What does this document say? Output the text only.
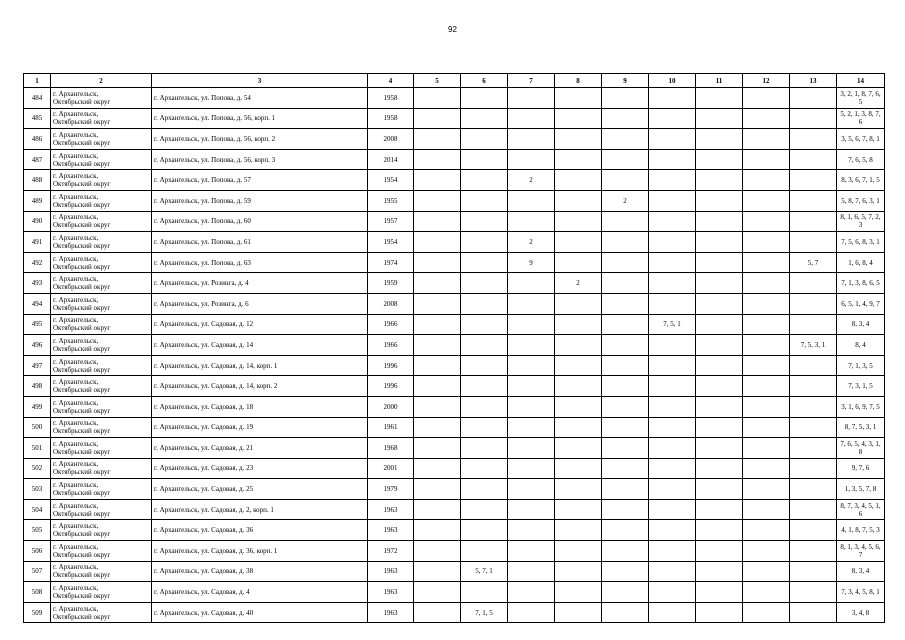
92
1	2	3	4	5	6	7	8	9	10	11	12	13	14
484	г. Архангельск,
Октябрьский округ	г. Архангельск, ул. Попова, д. 54	1958										3, 2, 1, 8, 7, 6, 5
485	г. Архангельск,
Октябрьский округ	г. Архангельск, ул. Попова, д. 56, корп. 1	1958										5, 2, 1, 3, 8, 7, 6
486	г. Архангельск,
Октябрьский округ	г. Архангельск, ул. Попова, д. 56, корп. 2	2008										3, 5, 6, 7, 8, 1
487	г. Архангельск,
Октябрьский округ	г. Архангельск, ул. Попова, д. 56, корп. 3	2014										7, 6, 5, 8
488	г. Архангельск,
Октябрьский округ	г. Архангельск, ул. Попова, д. 57	1954			2							8, 3, 6, 7, 1, 5
489	г. Архангельск,
Октябрьский округ	г. Архангельск, ул. Попова, д. 59	1955					2					5, 8, 7, 6, 3, 1
490	г. Архангельск,
Октябрьский округ	г. Архангельск, ул. Попова, д. 60	1957										8, 1, 6, 5, 7, 2, 3
491	г. Архангельск,
Октябрьский округ	г. Архангельск, ул. Попова, д. 61	1954			2							7, 5, 6, 8, 3, 1
492	г. Архангельск,
Октябрьский округ	г. Архангельск, ул. Попова, д. 63	1974			9						5, 7	1, 6, 8, 4
493	г. Архангельск,
Октябрьский округ	г. Архангельск, ул. Розинга, д. 4	1959				2						7, 1, 3, 8, 6, 5
494	г. Архангельск,
Октябрьский округ	г. Архангельск, ул. Розинга, д. 6	2008										6, 5, 1, 4, 9, 7
495	г. Архангельск,
Октябрьский округ	г. Архангельск, ул. Садовая, д. 12	1966						7, 5, 1				8, 3, 4
496	г. Архангельск,
Октябрьский округ	г. Архангельск, ул. Садовая, д. 14	1966									7, 5, 3, 1	8, 4
497	г. Архангельск,
Октябрьский округ	г. Архангельск, ул. Садовая, д. 14, корп. 1	1996										7, 1, 3, 5
498	г. Архангельск,
Октябрьский округ	г. Архангельск, ул. Садовая, д. 14, корп. 2	1996										7, 3, 1, 5
499	г. Архангельск,
Октябрьский округ	г. Архангельск, ул. Садовая, д. 18	2000										3, 1, 6, 9, 7, 5
500	г. Архангельск,
Октябрьский округ	г. Архангельск, ул. Садовая, д. 19	1961										8, 7, 5, 3, 1
501	г. Архангельск,
Октябрьский округ	г. Архангельск, ул. Садовая, д. 21	1968										7, 6, 5, 4, 3, 1, 8
502	г. Архангельск,
Октябрьский округ	г. Архангельск, ул. Садовая, д. 23	2001										9, 7, 6
503	г. Архангельск,
Октябрьский округ	г. Архангельск, ул. Садовая, д. 25	1979										1, 3, 5, 7, 8
504	г. Архангельск,
Октябрьский округ	г. Архангельск, ул. Садовая, д. 2, корп. 1	1963										8, 7, 3, 4, 5, 1, 6
505	г. Архангельск,
Октябрьский округ	г. Архангельск, ул. Садовая, д. 36	1963										4, 1, 8, 7, 5, 3
506	г. Архангельск,
Октябрьский округ	г. Архангельск, ул. Садовая, д. 36, корп. 1	1972										8, 1, 3, 4, 5, 6, 7
507	г. Архангельск,
Октябрьский округ	г. Архангельск, ул. Садовая, д. 38	1963		5, 7, 1								8, 3, 4
508	г. Архангельск,
Октябрьский округ	г. Архангельск, ул. Садовая, д. 4	1963										7, 3, 4, 5, 8, 1
509	г. Архангельск,
Октябрьский округ	г. Архангельск, ул. Садовая, д. 40	1963		7, 1, 5								3, 4, 8
